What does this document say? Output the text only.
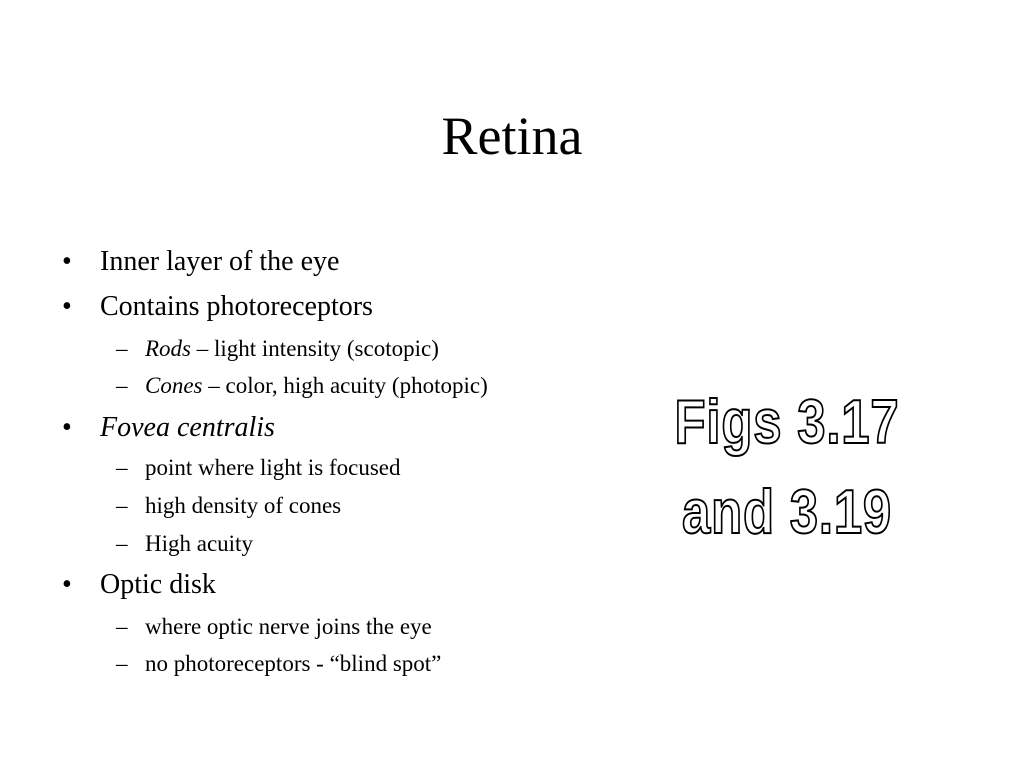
Retina
• Inner layer of the eye
• Contains photoreceptors
– Rods – light intensity (scotopic)
– Cones – color, high acuity (photopic)
• Fovea centralis
– point where light is focused
– high density of cones
– High acuity
• Optic disk
– where optic nerve joins the eye
– no photoreceptors - “blind spot”
Figs 3.17
and 3.19
